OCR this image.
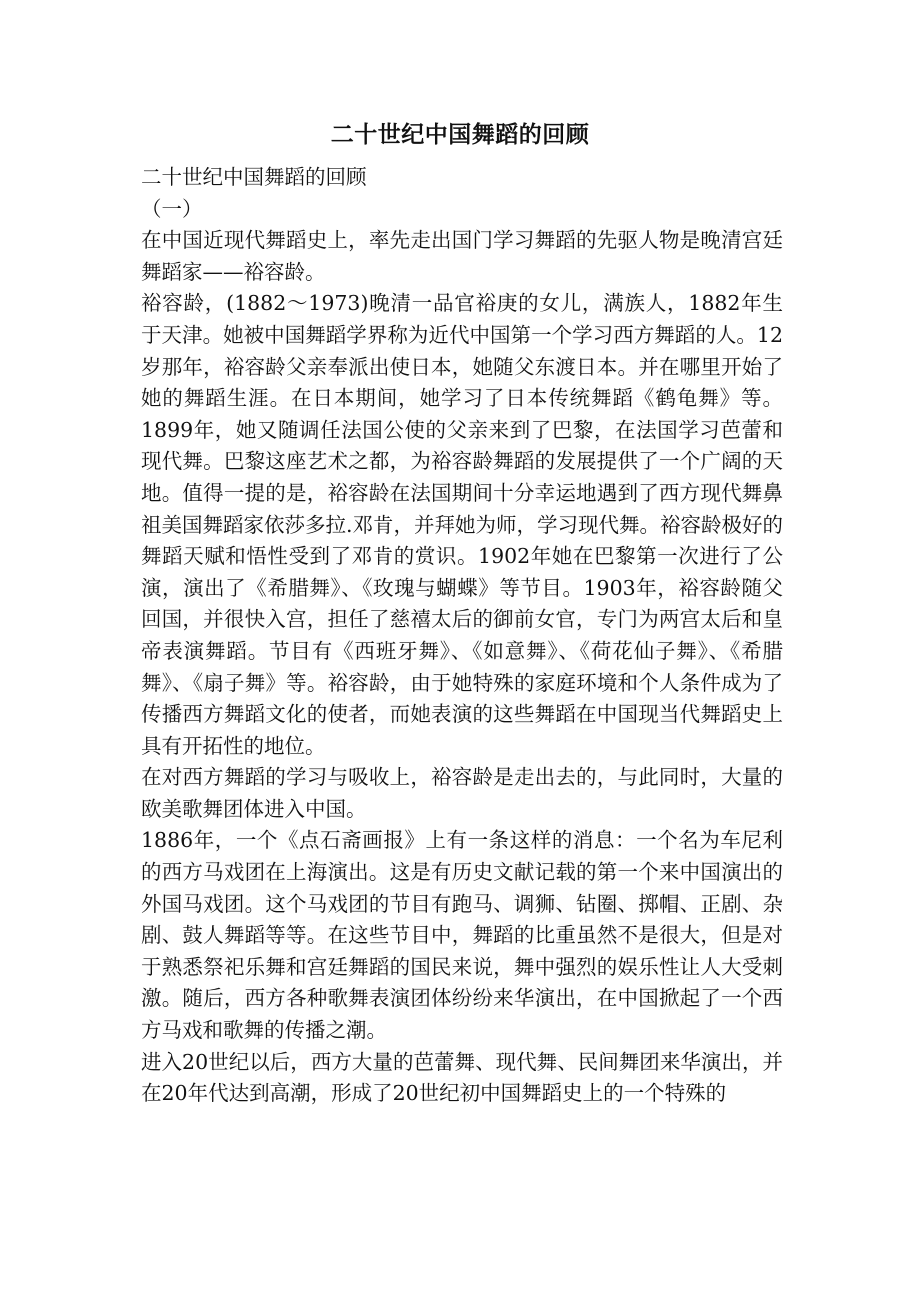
二十世纪中国舞蹈的回顾

二十世纪中国舞蹈的回顾

（一）

在中国近现代舞蹈史上，率先走出国门学习舞蹈的先驱人物是晚清宫廷舞蹈家——裕容龄。

裕容龄，(1882～1973)晚清一品官裕庚的女儿，满族人，1882年生于天津。她被中国舞蹈学界称为近代中国第一个学习西方舞蹈的人。12岁那年，裕容龄父亲奉派出使日本，她随父东渡日本。并在哪里开始了她的舞蹈生涯。在日本期间，她学习了日本传统舞蹈《鹤龟舞》等。1899年，她又随调任法国公使的父亲来到了巴黎，在法国学习芭蕾和现代舞。巴黎这座艺术之都，为裕容龄舞蹈的发展提供了一个广阔的天地。值得一提的是，裕容龄在法国期间十分幸运地遇到了西方现代舞鼻祖美国舞蹈家依莎多拉.邓肯，并拜她为师，学习现代舞。裕容龄极好的舞蹈天赋和悟性受到了邓肯的赏识。1902年她在巴黎第一次进行了公演，演出了《希腊舞》、《玫瑰与蝴蝶》等节目。1903年，裕容龄随父回国，并很快入宫，担任了慈禧太后的御前女官，专门为两宫太后和皇帝表演舞蹈。节目有《西班牙舞》、《如意舞》、《荷花仙子舞》、《希腊舞》、《扇子舞》等。裕容龄，由于她特殊的家庭环境和个人条件成为了传播西方舞蹈文化的使者，而她表演的这些舞蹈在中国现当代舞蹈史上具有开拓性的地位。

在对西方舞蹈的学习与吸收上，裕容龄是走出去的，与此同时，大量的欧美歌舞团体进入中国。

1886年，一个《点石斋画报》上有一条这样的消息：一个名为车尼利的西方马戏团在上海演出。这是有历史文献记载的第一个来中国演出的外国马戏团。这个马戏团的节目有跑马、调狮、钻圈、掷帽、正剧、杂剧、鼓人舞蹈等等。在这些节目中，舞蹈的比重虽然不是很大，但是对于熟悉祭祀乐舞和宫廷舞蹈的国民来说，舞中强烈的娱乐性让人大受刺激。随后，西方各种歌舞表演团体纷纷来华演出，在中国掀起了一个西方马戏和歌舞的传播之潮。

进入20世纪以后，西方大量的芭蕾舞、现代舞、民间舞团来华演出，并在20年代达到高潮，形成了20世纪初中国舞蹈史上的一个特殊的
